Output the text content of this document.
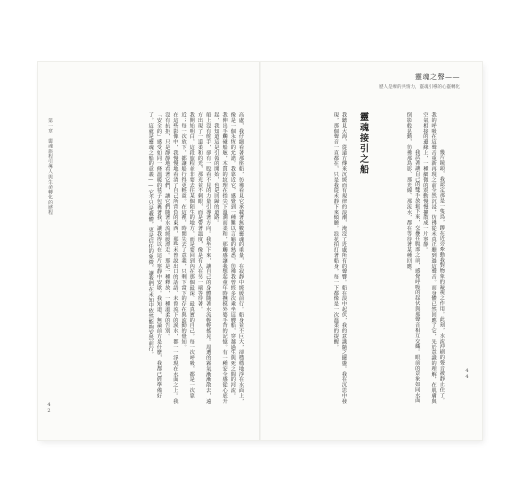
第一章　靈魂旅程引導人與生命轉化的歷程	高處，我仔細看著那座船，彷彿看見它承載著無數靈魂的重量，在寂靜中緩緩前行。船身並不巨大，卻穩穩地浮在水面上，像是一個永恆的允諾。我靠近它，感覺到一種難以言喻的熟悉，彷彿我曾經多次乘坐這艘船，穿越過生與死之間的河流。
我伸出手觸碰船舷，木質的紋理在指尖下溫潤而柔和，那觸感讓我想起童年時撫摸外婆手背的記憶。有一種安全感從心底升起，我知道這是引領的開始，也是回歸的道路。
船上沒有舵手，卻有一股看不見的力量引導著方向。我坐下來，讓自己的身體隨著水流輕輕搖晃。周遭的霧氣漸漸散去，遠方出現了一道柔和的光，那光並不刺眼，而是帶著溫度，像是有人在另一端等待著。
我開始明白，這段旅程並非要去往某個陌生的地方，而是要回到內在那個最深、最真實的自己。每一次呼吸，都是一次靠近；每一次放下，都讓船行得更輕盈。在這裡，時間失去了意義，只剩下當下的存在與流動的覺知。
在這些影像中，我慢慢地看清了自己所背負的東西，那些未曾說出口的話語、未曾流下的淚水，都一一浮現在水面之上。我沒有抗拒，只是靜靜地看著它們，讓它們隨著水流緩緩漂走。那是一種釋放，一種溫柔的告別。
「安全的」感受如同一條溫暖的毯子包裹著我，讓我得以在這片寧靜中安歇。我知道，無論前方是什麼，我都已經準備好了。這就是靈魂之船的意義——它不只是載體，更是信任的象徵，讓我們在未知中依然能夠安然前行。
42
靈魂之聲——
歷人是療的共情力，靈魂引導的心靈轉化

幾片鏡頭，我認定那是一隻鳥，蹲在近旁牽動我對物象的凝視之作用。此刻，水流沖刷的聲音被靜止住了。我的呼吸在這聲音重新再現之前全然沉浸，彷彿從未真正聽到過這聲音。而身體已然回應了它，先於意識的理解，在肌膚與空氣相接的邊緣上，一種細微的震動慢慢擴散成一片寧靜。
我試著讓自己的雙手放鬆下來，交疊在腹部之前，感覺呼吸的起伏與那聲音相互交織。眼前的景象如同水面倒影般晃動，彷彿那鳥影、那光線、那流水，都在等待著某種回應。

靈魂接引之船
我聽見大海，從遠方傳來沉緩而有規律的浪潮，淹沒了近處所有的聲響。船在浪中起伏，我的意識隨之擺盪。我在沉思中發現，那個聲音一直都在，只是我從未靜下來傾聽。浪花拍打著船身，每一下都像是一次溫柔的提醒。
44
